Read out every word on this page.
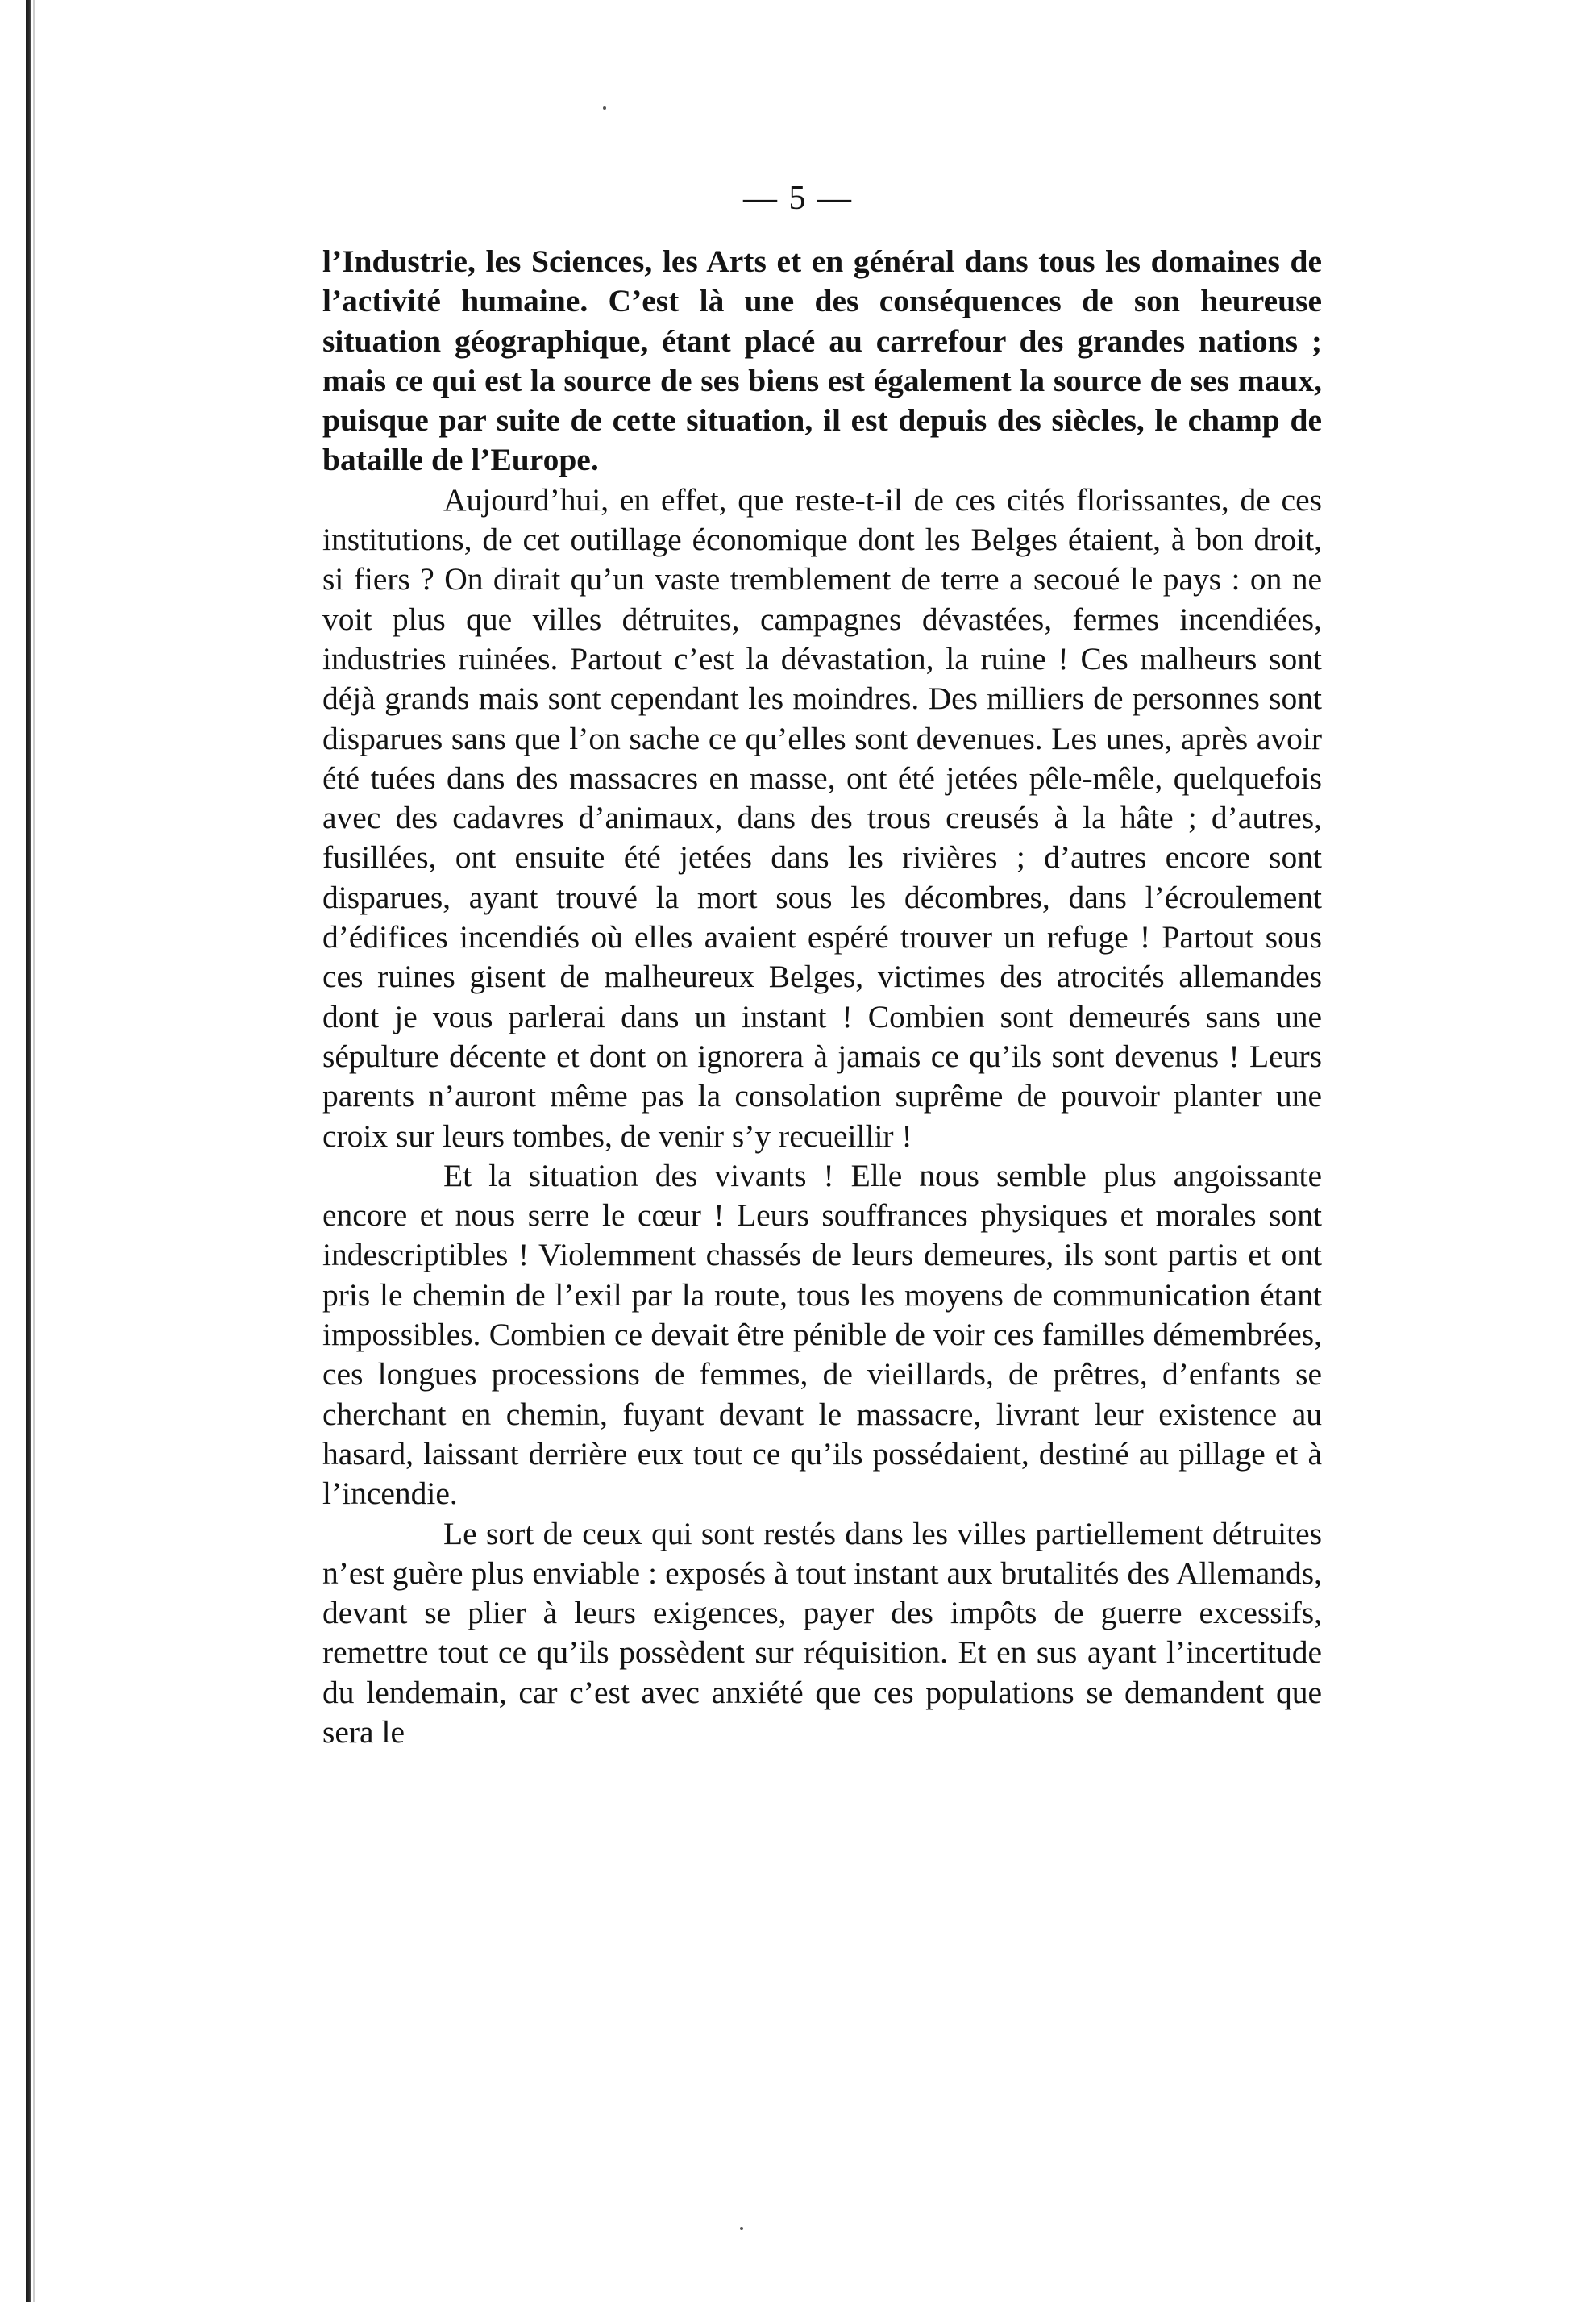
— 5 —

l’Industrie, les Sciences, les Arts et en général dans tous les domaines de l’activité humaine. C’est là une des conséquences de son heureuse situation géographique, étant placé au carrefour des grandes nations ; mais ce qui est la source de ses biens est également la source de ses maux, puisque par suite de cette situation, il est depuis des siècles, le champ de bataille de l’Europe.

Aujourd’hui, en effet, que reste-t-il de ces cités florissantes, de ces institutions, de cet outillage économique dont les Belges étaient, à bon droit, si fiers ? On dirait qu’un vaste tremblement de terre a secoué le pays : on ne voit plus que villes détruites, campagnes dévastées, fermes incendiées, industries ruinées. Partout c’est la dévastation, la ruine ! Ces malheurs sont déjà grands mais sont cependant les moindres. Des milliers de personnes sont disparues sans que l’on sache ce qu’elles sont devenues. Les unes, après avoir été tuées dans des massacres en masse, ont été jetées pêle-mêle, quelquefois avec des cadavres d’animaux, dans des trous creusés à la hâte ; d’autres, fusillées, ont ensuite été jetées dans les rivières ; d’autres encore sont disparues, ayant trouvé la mort sous les décombres, dans l’écroulement d’édifices incendiés où elles avaient espéré trouver un refuge ! Partout sous ces ruines gisent de malheureux Belges, victimes des atrocités allemandes dont je vous parlerai dans un instant ! Combien sont demeurés sans une sépulture décente et dont on ignorera à jamais ce qu’ils sont devenus ! Leurs parents n’auront même pas la consolation suprême de pouvoir planter une croix sur leurs tombes, de venir s’y recueillir !

Et la situation des vivants ! Elle nous semble plus angoissante encore et nous serre le cœur ! Leurs souffrances physiques et morales sont indescriptibles ! Violemment chassés de leurs demeures, ils sont partis et ont pris le chemin de l’exil par la route, tous les moyens de communication étant impossibles. Combien ce devait être pénible de voir ces familles démembrées, ces longues processions de femmes, de vieillards, de prêtres, d’enfants se cherchant en chemin, fuyant devant le massacre, livrant leur existence au hasard, laissant derrière eux tout ce qu’ils possédaient, destiné au pillage et à l’incendie.

Le sort de ceux qui sont restés dans les villes partiellement détruites n’est guère plus enviable : exposés à tout instant aux brutalités des Allemands, devant se plier à leurs exigences, payer des impôts de guerre excessifs, remettre tout ce qu’ils possèdent sur réquisition. Et en sus ayant l’incertitude du lendemain, car c’est avec anxiété que ces populations se demandent que sera le
